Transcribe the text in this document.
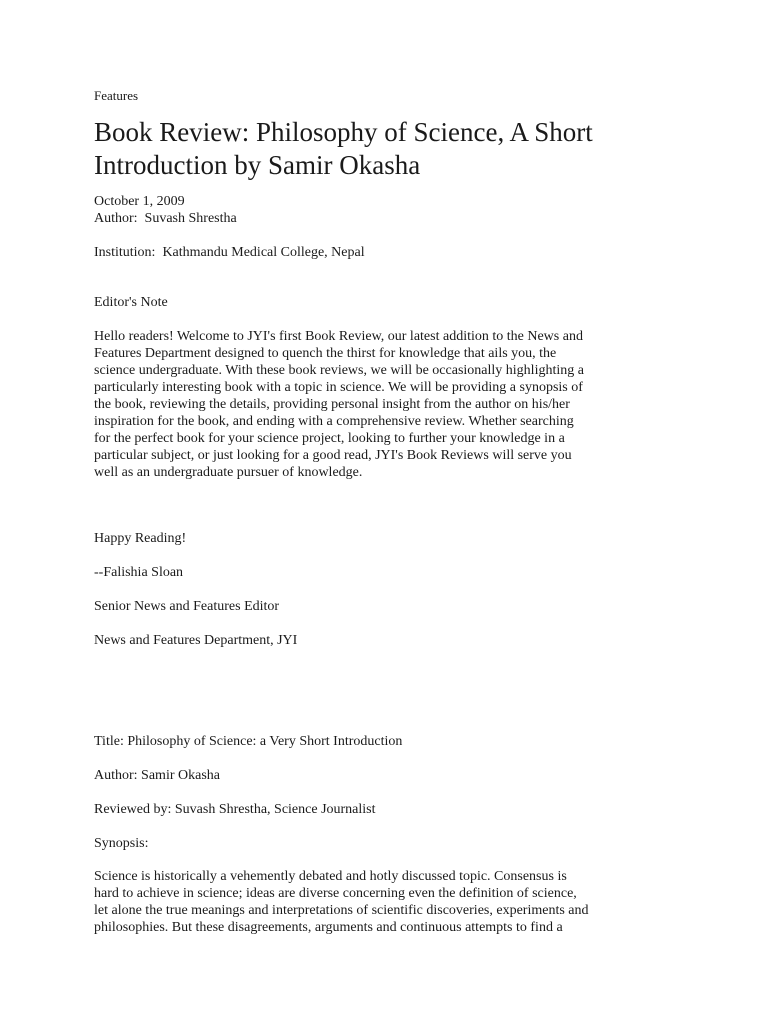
Features

Book Review: Philosophy of Science, A Short
Introduction by Samir Okasha

October 1, 2009

Author:  Suvash Shrestha

Institution:  Kathmandu Medical College, Nepal

Editor's Note

Hello readers! Welcome to JYI's first Book Review, our latest addition to the News and
Features Department designed to quench the thirst for knowledge that ails you, the
science undergraduate. With these book reviews, we will be occasionally highlighting a
particularly interesting book with a topic in science. We will be providing a synopsis of
the book, reviewing the details, providing personal insight from the author on his/her
inspiration for the book, and ending with a comprehensive review. Whether searching
for the perfect book for your science project, looking to further your knowledge in a
particular subject, or just looking for a good read, JYI's Book Reviews will serve you
well as an undergraduate pursuer of knowledge.

Happy Reading!

--Falishia Sloan

Senior News and Features Editor

News and Features Department, JYI

Title: Philosophy of Science: a Very Short Introduction

Author: Samir Okasha

Reviewed by: Suvash Shrestha, Science Journalist

Synopsis:

Science is historically a vehemently debated and hotly discussed topic. Consensus is
hard to achieve in science; ideas are diverse concerning even the definition of science,
let alone the true meanings and interpretations of scientific discoveries, experiments and
philosophies. But these disagreements, arguments and continuous attempts to find a
